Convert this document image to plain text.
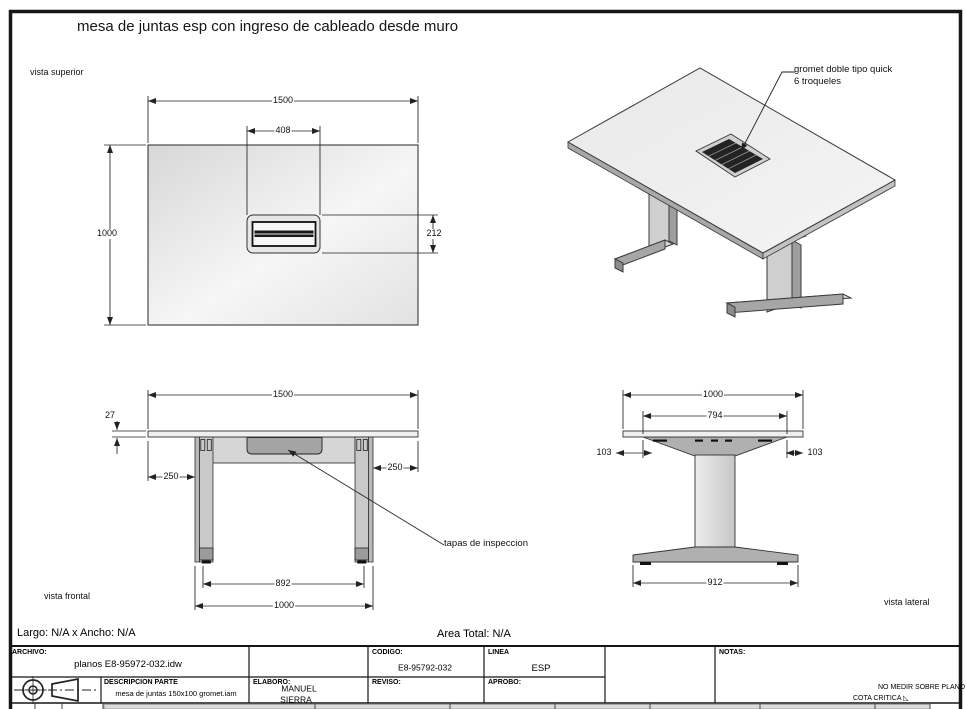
mesa de juntas esp con ingreso de cableado desde muro
vista superior
vista frontal
vista lateral
1500
408
1000	212
gromet doble tipo quick
6 troqueles
1500
27
250
250
892
1000
tapas de inspeccion
1000
794
103	103
912
Largo: N/A x Ancho: N/A	Area Total: N/A
ARCHIVO:
planos E8-95972-032.idw
CODIGO:
E8-95792-032
LINEA
ESP
DESCRIPCION PARTE
mesa de juntas 150x100 gromet.iam
ELABORO:
MANUEL
SIERRA
REVISO:	APROBO:
NOTAS:
NO MEDIR SOBRE PLANO
COTA CRITICA ◺
